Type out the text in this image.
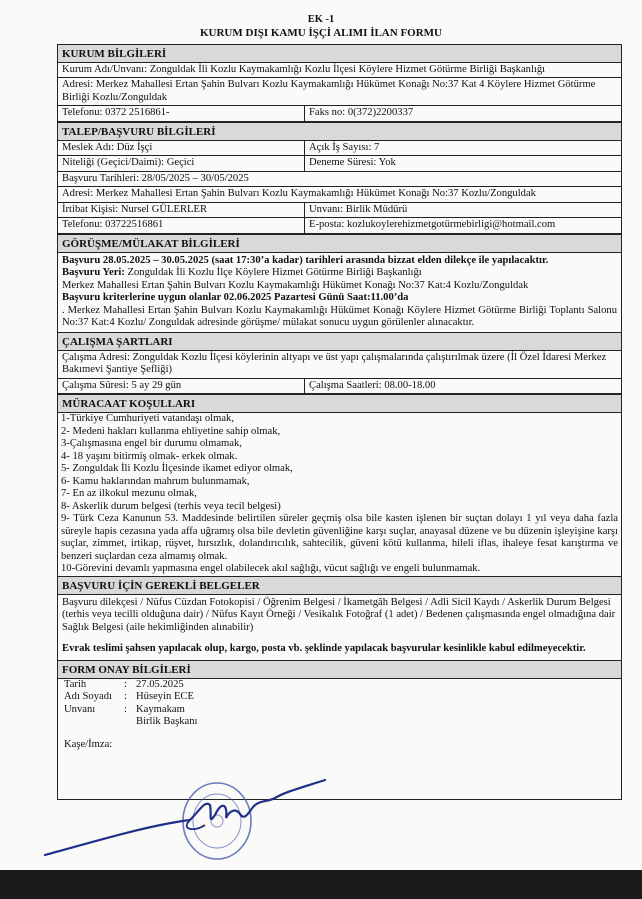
EK -1
KURUM DIŞI KAMU İŞÇİ ALIMI İLAN FORMU
KURUM BİLGİLERİ
Kurum Adı/Unvanı: Zonguldak İli Kozlu Kaymakamlığı Kozlu İlçesi Köylere Hizmet Götürme Birliği Başkanlığı
Adresi: Merkez Mahallesi Ertan Şahin Bulvarı Kozlu Kaymakamlığı Hükümet Konağı No:37 Kat 4 Köylere Hizmet Götürme Birliği Kozlu/Zonguldak
Telefonu: 0372 2516861-	Faks no: 0(372)2200337
TALEP/BAŞVURU BİLGİLERİ
Meslek Adı: Düz İşçi	Açık İş Sayısı: 7
Niteliği (Geçici/Daimi): Geçici	Deneme Süresi: Yok
Başvuru Tarihleri: 28/05/2025 – 30/05/2025
Adresi: Merkez Mahallesi Ertan Şahin Bulvarı Kozlu Kaymakamlığı Hükümet Konağı No:37 Kozlu/Zonguldak
İrtibat Kişisi: Nursel GÜLERLER	Unvanı: Birlik Müdürü
Telefonu: 03722516861	E-posta: kozlukoylerehizmetgotürmebirligi@hotmail.com
GÖRÜŞME/MÜLAKAT BİLGİLERİ
Başvuru 28.05.2025 – 30.05.2025 (saat 17:30’a kadar) tarihleri arasında bizzat elden dilekçe ile yapılacaktır.
Başvuru Yeri: Zonguldak İli Kozlu İlçe Köylere Hizmet Götürme Birliği Başkanlığı
Merkez Mahallesi Ertan Şahin Bulvarı Kozlu Kaymakamlığı Hükümet Konağı No:37 Kat:4 Kozlu/Zonguldak
Başvuru kriterlerine uygun olanlar 02.06.2025 Pazartesi Günü Saat:11.00’da
. Merkez Mahallesi Ertan Şahin Bulvarı Kozlu Kaymakamlığı Hükümet Konağı Köylere Hizmet Götürme Birliği Toplantı Salonu No:37 Kat:4 Kozlu/ Zonguldak adresinde görüşme/ mülakat sonucu uygun görülenler alınacaktır.
ÇALIŞMA ŞARTLARI
Çalışma Adresi: Zonguldak Kozlu İlçesi köylerinin altyapı ve üst yapı çalışmalarında çalıştırılmak üzere (İl Özel İdaresi Merkez Bakımevi Şantiye Şefliği)
Çalışma Süresi: 5 ay 29 gün	Çalışma Saatleri: 08.00-18.00
MÜRACAAT KOŞULLARI
1-Türkiye Cumhuriyeti vatandaşı olmak,
2- Medeni hakları kullanma ehliyetine sahip olmak,
3-Çalışmasına engel bir durumu olmamak,
4- 18 yaşını bitirmiş olmak- erkek olmak.
5- Zonguldak İli Kozlu İlçesinde ikamet ediyor olmak,
6- Kamu haklarından mahrum bulunmamak,
7- En az ilkokul mezunu olmak,
8- Askerlik durum belgesi (terhis veya tecil belgesi)
9- Türk Ceza Kanunun 53. Maddesinde belirtilen süreler geçmiş olsa bile kasten işlenen bir suçtan dolayı 1 yıl veya daha fazla süreyle hapis cezasına yada affa uğramış olsa bile devletin güvenliğine karşı suçlar, anayasal düzene ve bu düzenin işleyişine karşı suçlar, zimmet, irtikap, rüşvet, hırsızlık, dolandırıcılık, sahtecilik, güveni kötü kullanma, hileli iflas, ihaleye fesat karıştırma ve benzeri suçlardan ceza almamış olmak.
10-Görevini devamlı yapmasına engel olabilecek akıl sağlığı, vücut sağlığı ve engeli bulunmamak.
BAŞVURU İÇİN GEREKLİ BELGELER
Başvuru dilekçesi / Nüfus Cüzdan Fotokopisi / Öğrenim Belgesi / İkametgâh Belgesi / Adli Sicil Kaydı / Askerlik Durum Belgesi (terhis veya tecilli olduğuna dair) / Nüfus Kayıt Örneği / Vesikalık Fotoğraf (1 adet) / Bedenen çalışmasında engel olmadığına dair Sağlık Belgesi (aile hekimliğinden alınabilir)
Evrak teslimi şahsen yapılacak olup, kargo, posta vb. şeklinde yapılacak başvurular kesinlikle kabul edilmeyecektir.
FORM ONAY BİLGİLERİ
Tarih	: 27.05.2025
Adı Soyadı	: Hüseyin ECE
Unvanı	: Kaymakam
Birlik Başkanı
Kaşe/İmza:
